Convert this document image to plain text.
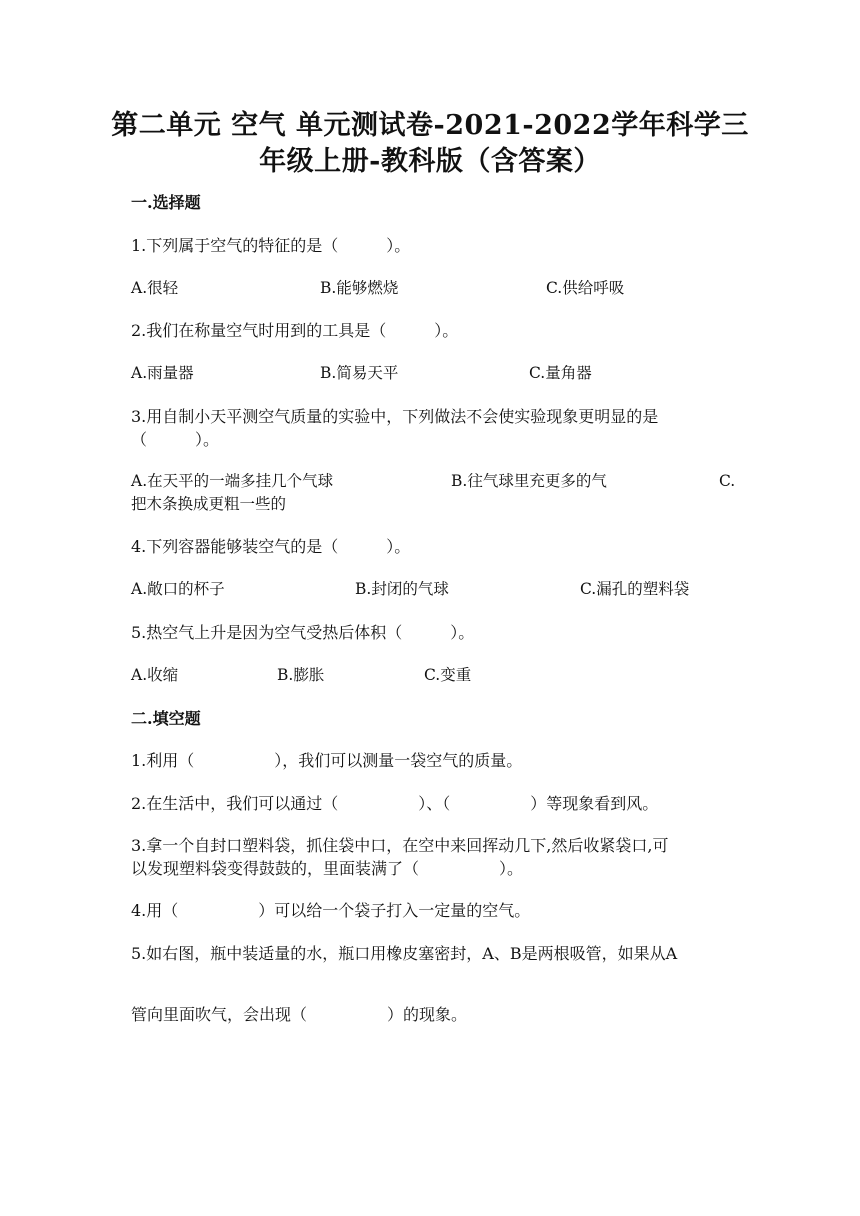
第二单元 空气 单元测试卷-2021-2022学年科学三
年级上册-教科版（含答案）
一.选择题
1.下列属于空气的特征的是（　　　）。
A.很轻	B.能够燃烧	C.供给呼吸
2.我们在称量空气时用到的工具是（　　　）。
A.雨量器	B.简易天平	C.量角器
3.用自制小天平测空气质量的实验中，下列做法不会使实验现象更明显的是
（　　　）。
A.在天平的一端多挂几个气球	B.往气球里充更多的气	C.
把木条换成更粗一些的
4.下列容器能够装空气的是（　　　）。
A.敞口的杯子	B.封闭的气球	C.漏孔的塑料袋
5.热空气上升是因为空气受热后体积（　　　）。
A.收缩	B.膨胀	C.变重
二.填空题
1.利用（　　　　　），我们可以测量一袋空气的质量。
2.在生活中，我们可以通过（　　　　　）、（　　　　　）等现象看到风。
3.拿一个自封口塑料袋，抓住袋中口，在空中来回挥动几下,然后收紧袋口,可
以发现塑料袋变得鼓鼓的，里面装满了（　　　　　）。
4.用（　　　　　）可以给一个袋子打入一定量的空气。
5.如右图，瓶中装适量的水，瓶口用橡皮塞密封，A、B是两根吸管，如果从A
管向里面吹气，会出现（　　　　　）的现象。
